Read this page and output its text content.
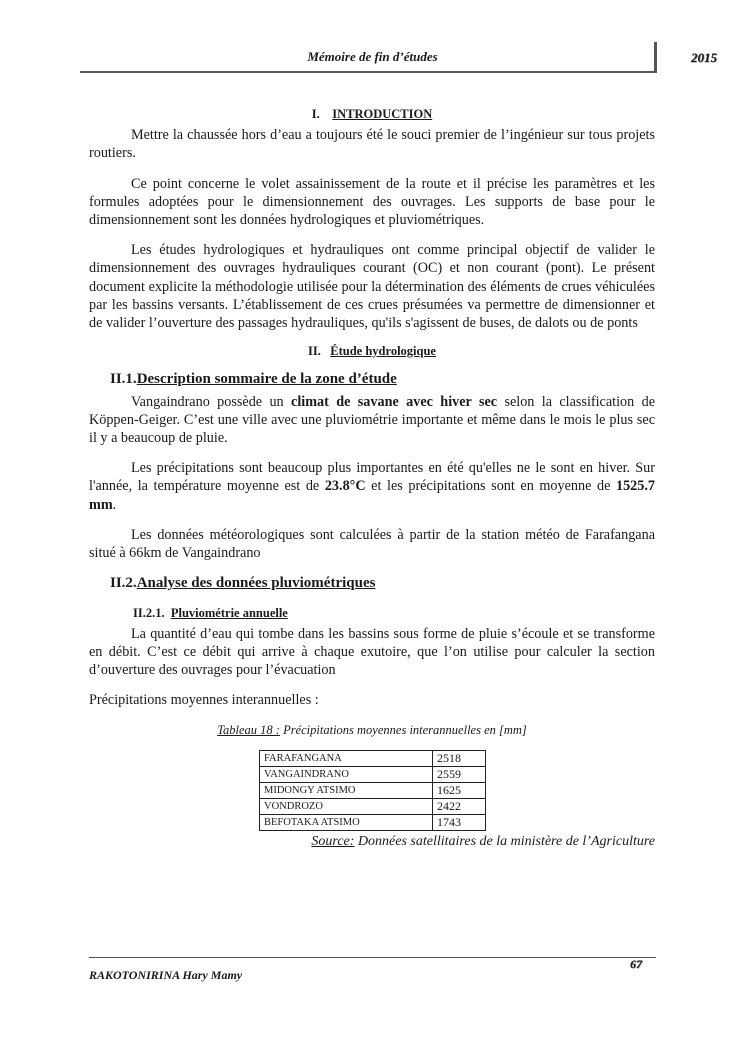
Mémoire de fin d’études	2015
I. INTRODUCTION

Mettre la chaussée hors d’eau a toujours été le souci premier de l’ingénieur sur tous projets routiers.

Ce point concerne le volet assainissement de la route et il précise les paramètres et les formules adoptées pour le dimensionnement des ouvrages. Les supports de base pour le dimensionnement sont les données hydrologiques et pluviométriques.

Les études hydrologiques et hydrauliques ont comme principal objectif de valider le dimensionnement des ouvrages hydrauliques courant (OC) et non courant (pont). Le présent document explicite la méthodologie utilisée pour la détermination des éléments de crues véhiculées par les bassins versants. L’établissement de ces crues présumées va permettre de dimensionner et de valider l’ouverture des passages hydrauliques, qu'ils s'agissent de buses, de dalots ou de ponts

II. Étude hydrologique
II.1.Description sommaire de la zone d’étude

Vangaindrano possède un climat de savane avec hiver sec selon la classification de Köppen-Geiger. C’est une ville avec une pluviométrie importante et même dans le mois le plus sec il y a beaucoup de pluie.

Les précipitations sont beaucoup plus importantes en été qu'elles ne le sont en hiver. Sur l'année, la température moyenne est de 23.8°C et les précipitations sont en moyenne de 1525.7 mm.

Les données météorologiques sont calculées à partir de la station météo de Farafangana situé à 66km de Vangaindrano

II.2.Analyse des données pluviométriques
II.2.1. Pluviométrie annuelle

La quantité d’eau qui tombe dans les bassins sous forme de pluie s’écoule et se transforme en débit. C’est ce débit qui arrive à chaque exutoire, que l’on utilise pour calculer la section d’ouverture des ouvrages pour l’évacuation

Précipitations moyennes interannuelles :

Tableau 18 : Précipitations moyennes interannuelles en [mm]
FARAFANGANA	2518
VANGAINDRANO	2559
MIDONGY ATSIMO	1625
VONDROZO	2422
BEFOTAKA ATSIMO	1743
Source: Données satellitaires de la ministère de l’Agriculture
67
RAKOTONIRINA Hary Mamy
